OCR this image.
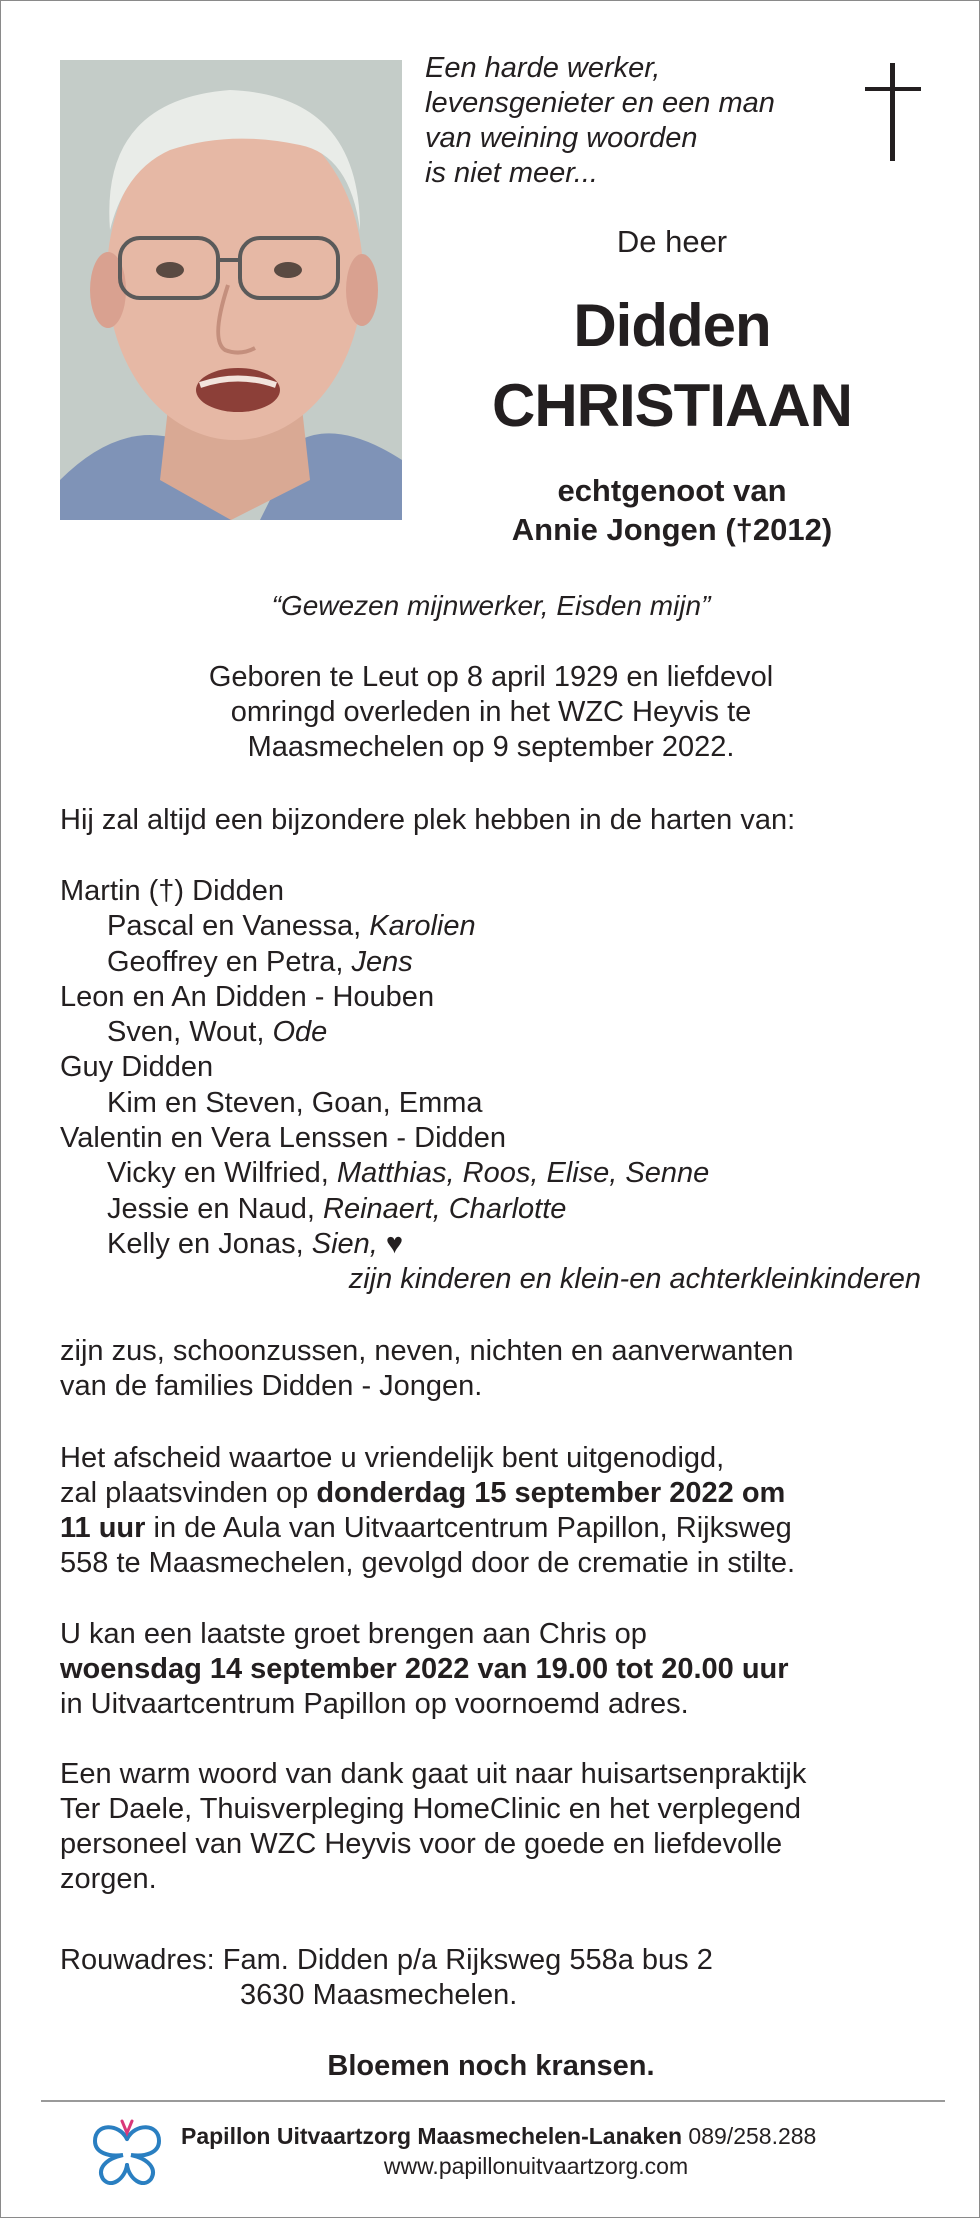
Een harde werker,
levensgenieter en een man
van weining woorden
is niet meer...
De heer
Didden
CHRISTIAAN
echtgenoot van
Annie Jongen (†2012)
“Gewezen mijnwerker, Eisden mijn”
Geboren te Leut op 8 april 1929 en liefdevol
omringd overleden in het WZC Heyvis te
Maasmechelen op 9 september 2022.
Hij zal altijd een bijzondere plek hebben in de harten van:
Martin (†) Didden
Pascal en Vanessa, Karolien
Geoffrey en Petra, Jens
Leon en An Didden - Houben
Sven, Wout, Ode
Guy Didden
Kim en Steven, Goan, Emma
Valentin en Vera Lenssen - Didden
Vicky en Wilfried, Matthias, Roos, Elise, Senne
Jessie en Naud, Reinaert, Charlotte
Kelly en Jonas, Sien, ♥
zijn kinderen en klein-en achterkleinkinderen
zijn zus, schoonzussen, neven, nichten en aanverwanten
van de families Didden - Jongen.
Het afscheid waartoe u vriendelijk bent uitgenodigd,
zal plaatsvinden op donderdag 15 september 2022 om
11 uur in de Aula van Uitvaartcentrum Papillon, Rijksweg
558 te Maasmechelen, gevolgd door de crematie in stilte.
U kan een laatste groet brengen aan Chris op
woensdag 14 september 2022 van 19.00 tot 20.00 uur
in Uitvaartcentrum Papillon op voornoemd adres.
Een warm woord van dank gaat uit naar huisartsenpraktijk
Ter Daele, Thuisverpleging HomeClinic en het verplegend
personeel van WZC Heyvis voor de goede en liefdevolle
zorgen.
Rouwadres: Fam. Didden p/a Rijksweg 558a bus 2
3630 Maasmechelen.
Bloemen noch kransen.
Papillon Uitvaartzorg Maasmechelen-Lanaken 089/258.288
www.papillonuitvaartzorg.com
